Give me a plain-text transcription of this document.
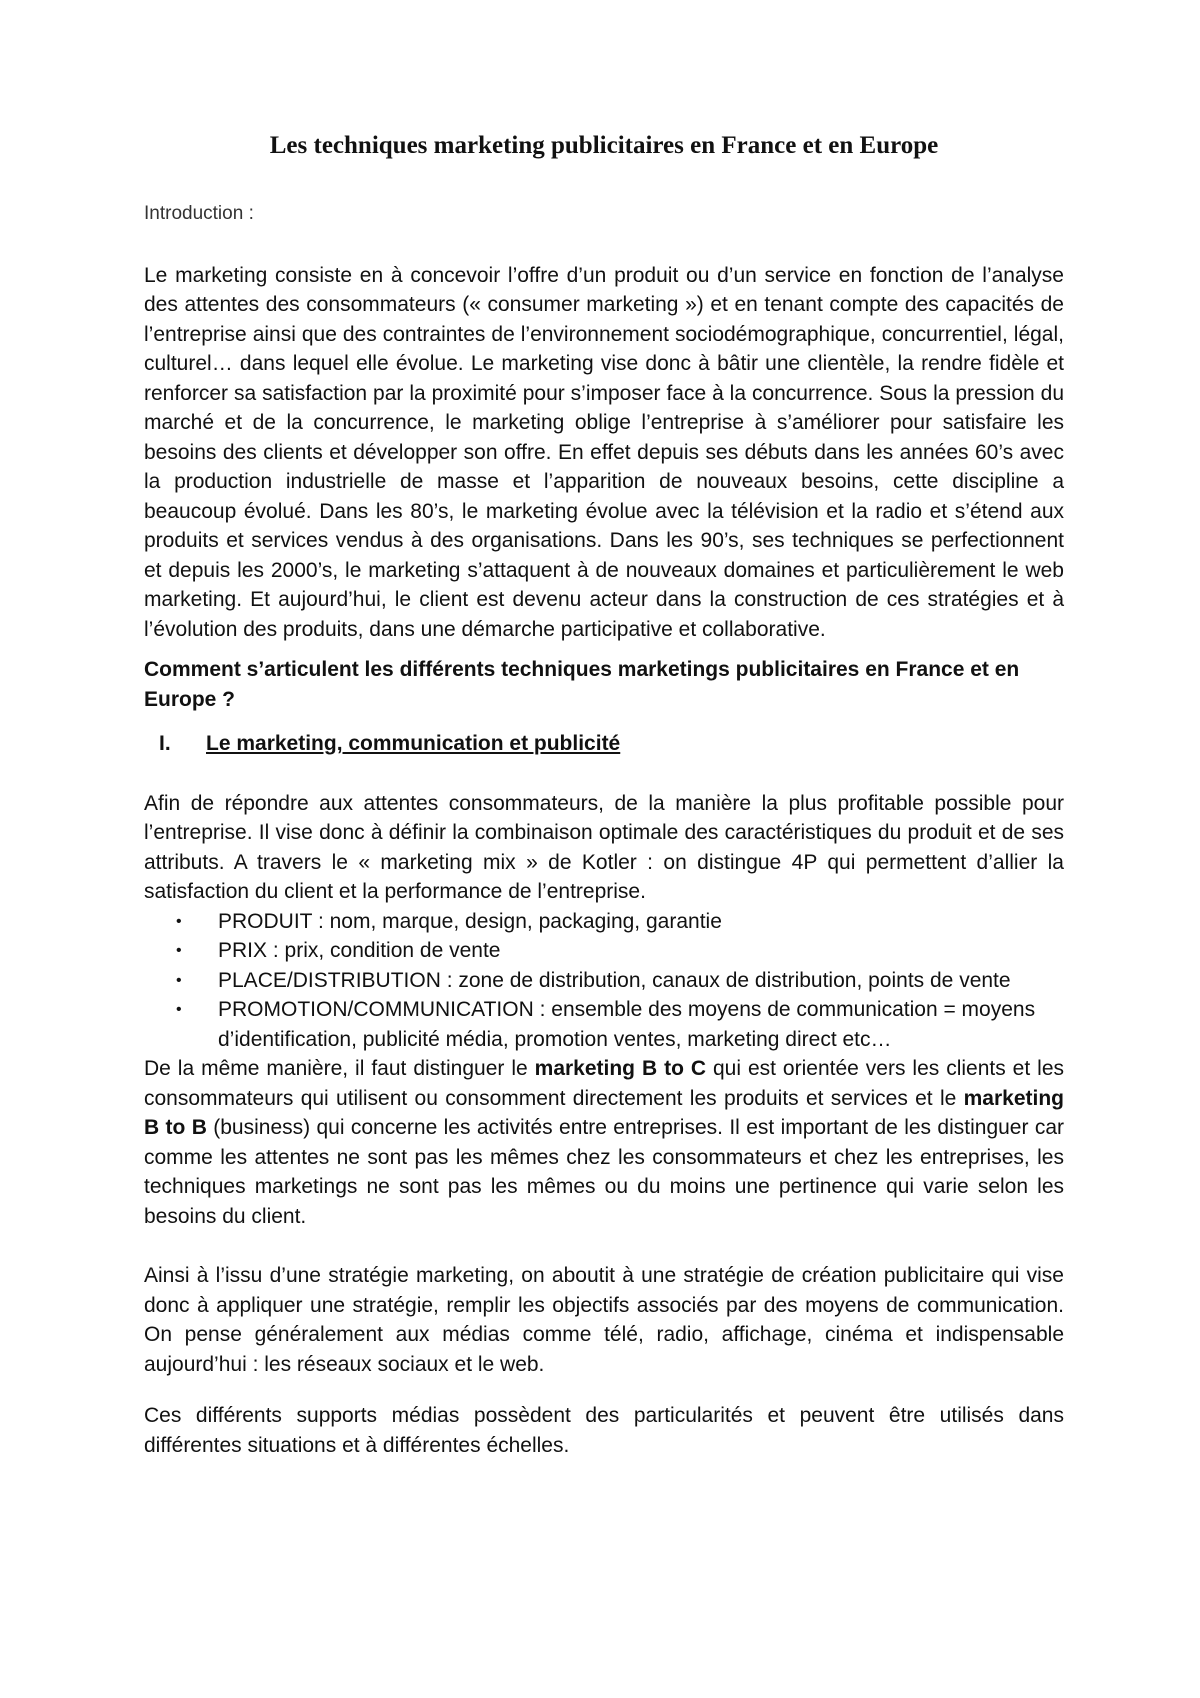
Les techniques marketing publicitaires en France et en Europe
Introduction :

Le marketing consiste en à concevoir l’offre d’un produit ou d’un service en fonction de l’analyse des attentes des consommateurs (« consumer marketing ») et en tenant compte des capacités de l’entreprise ainsi que des contraintes de l’environnement sociodémographique, concurrentiel, légal, culturel… dans lequel elle évolue. Le marketing vise donc à bâtir une clientèle, la rendre fidèle et renforcer sa satisfaction par la proximité pour s’imposer face à la concurrence. Sous la pression du marché et de la concurrence, le marketing oblige l’entreprise à s’améliorer pour satisfaire les besoins des clients et développer son offre. En effet depuis ses débuts dans les années 60’s avec la production industrielle de masse et l’apparition de nouveaux besoins, cette discipline a beaucoup évolué. Dans les 80’s, le marketing évolue avec la télévision et la radio et s’étend aux produits et services vendus à des organisations. Dans les 90’s, ses techniques se perfectionnent et depuis les 2000’s, le marketing s’attaquent à de nouveaux domaines et particulièrement le web marketing. Et aujourd’hui, le client est devenu acteur dans la construction de ces stratégies et à l’évolution des produits, dans une démarche participative et collaborative.

Comment s’articulent les différents techniques marketings publicitaires en France et en Europe ?

I.	Le marketing, communication et publicité

Afin de répondre aux attentes consommateurs, de la manière la plus profitable possible pour l’entreprise. Il vise donc à définir la combinaison optimale des caractéristiques du produit et de ses attributs. A travers le « marketing mix » de Kotler : on distingue 4P qui permettent d’allier la satisfaction du client et la performance de l’entreprise.

•	PRODUIT : nom, marque, design, packaging, garantie
•	PRIX : prix, condition de vente
•	PLACE/DISTRIBUTION : zone de distribution, canaux de distribution, points de vente
•	PROMOTION/COMMUNICATION : ensemble des moyens de communication = moyens d’identification, publicité média, promotion ventes, marketing direct etc…

De la même manière, il faut distinguer le marketing B to C qui est orientée vers les clients et les consommateurs qui utilisent ou consomment directement les produits et services et le marketing B to B (business) qui concerne les activités entre entreprises. Il est important de les distinguer car comme les attentes ne sont pas les mêmes chez les consommateurs et chez les entreprises, les techniques marketings ne sont pas les mêmes ou du moins une pertinence qui varie selon les besoins du client.

Ainsi à l’issu d’une stratégie marketing, on aboutit à une stratégie de création publicitaire qui vise donc à appliquer une stratégie, remplir les objectifs associés par des moyens de communication. On pense généralement aux médias comme télé, radio, affichage, cinéma et indispensable aujourd’hui : les réseaux sociaux et le web.

Ces différents supports médias possèdent des particularités et peuvent être utilisés dans différentes situations et à différentes échelles.
